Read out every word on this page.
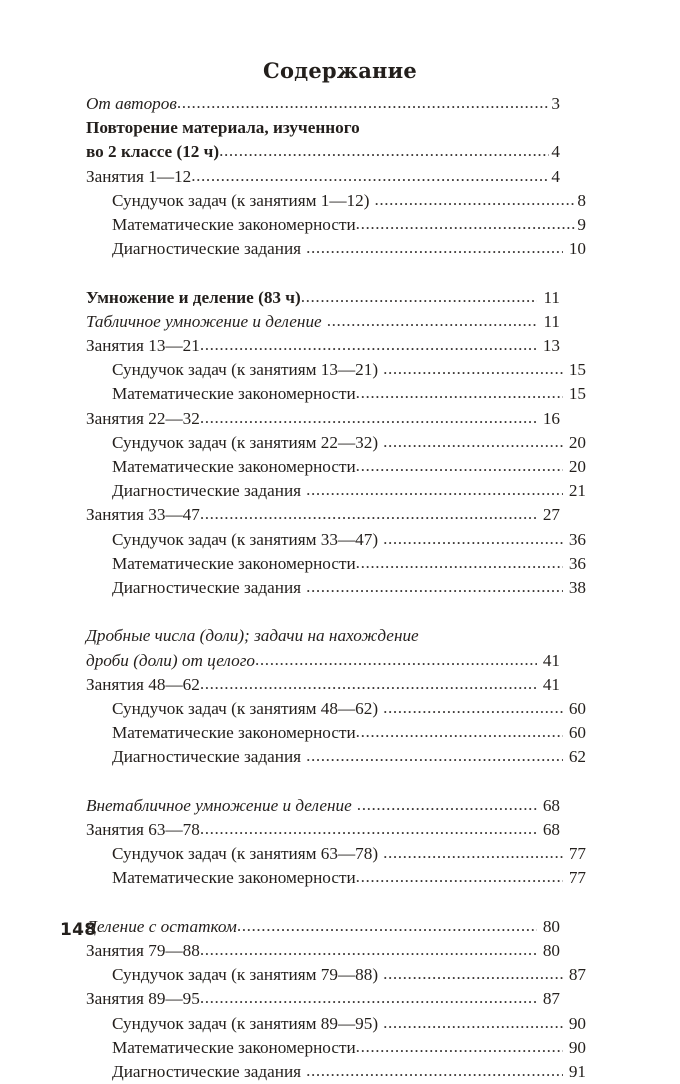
Содержание
От авторов .....	3
Повторение материала, изученного
во 2 классе (12 ч) .....	4
Занятия 1—12 .....	4
Сундучок задач (к занятиям 1—12) .....	8
Математические закономерности .....	9
Диагностические задания .....	10
Умножение и деление (83 ч) .....	11
Табличное умножение и деление .....	11
Занятия 13—21 .....	13
Сундучок задач (к занятиям 13—21) .....	15
Математические закономерности .....	15
Занятия 22—32 .....	16
Сундучок задач (к занятиям 22—32) .....	20
Математические закономерности .....	20
Диагностические задания .....	21
Занятия 33—47 .....	27
Сундучок задач (к занятиям 33—47) .....	36
Математические закономерности .....	36
Диагностические задания .....	38
Дробные числа (доли); задачи на нахождение
дроби (доли) от целого .....	41
Занятия 48—62 .....	41
Сундучок задач (к занятиям 48—62) .....	60
Математические закономерности .....	60
Диагностические задания .....	62
Внетабличное умножение и деление .....	68
Занятия 63—78 .....	68
Сундучок задач (к занятиям 63—78) .....	77
Математические закономерности .....	77
Деление с остатком .....	80
Занятия 79—88 .....	80
Сундучок задач (к занятиям 79—88) .....	87
Занятия 89—95 .....	87
Сундучок задач (к занятиям 89—95) .....	90
Математические закономерности .....	90
Диагностические задания .....	91
148
